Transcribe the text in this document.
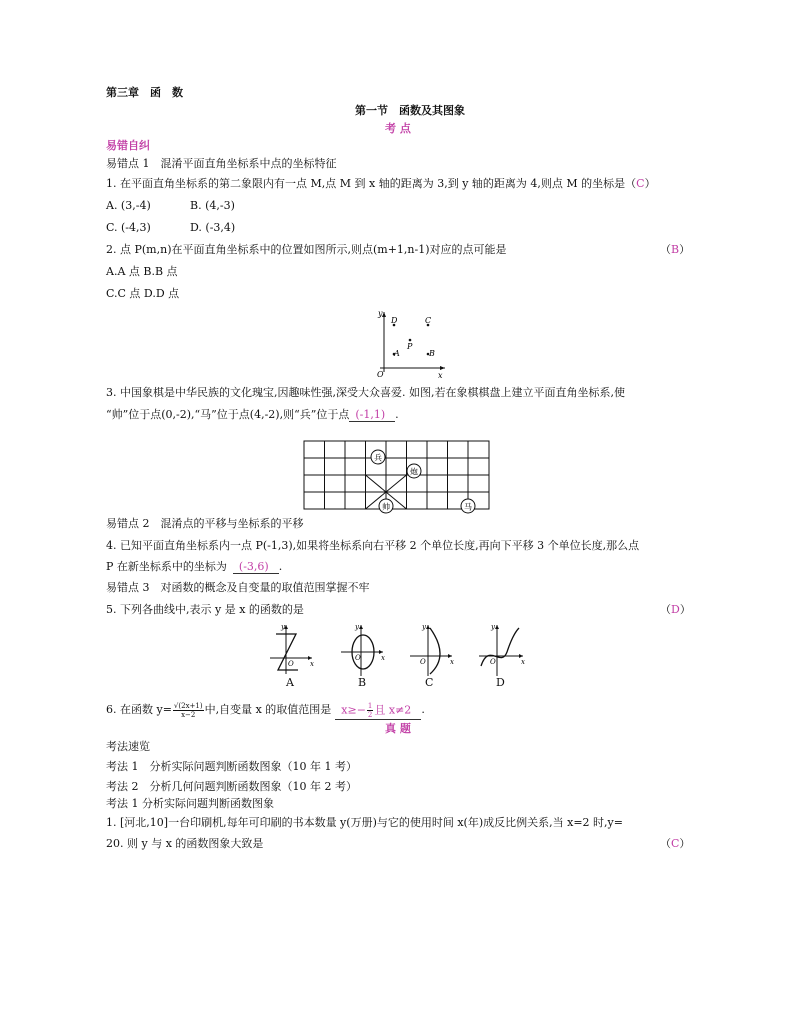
第三章　函　数
第一节　函数及其图象
考 点
易错自纠
易错点 1　混淆平面直角坐标系中点的坐标特征
1. 在平面直角坐标系的第二象限内有一点 M,点 M 到 x 轴的距离为 3,到 y 轴的距离为 4,则点 M 的坐标是（C）
A. (3,-4)	B. (4,-3)
C. (-4,3)	D. (-3,4)
2. 点 P(m,n)在平面直角坐标系中的位置如图所示,则点(m+1,n-1)对应的点可能是	（B）
A.A 点 B.B 点
C.C 点 D.D 点
y
x
O
D	C
P
A	B
3. 中国象棋是中华民族的文化瑰宝,因趣味性强,深受大众喜爱. 如图,若在象棋棋盘上建立平面直角坐标系,使
“帅”位于点(0,-2),“马”位于点(4,-2),则“兵”位于点 (-1,1) .
兵
炮
帅	马
易错点 2　混淆点的平移与坐标系的平移
4. 已知平面直角坐标系内一点 P(-1,3),如果将坐标系向右平移 2 个单位长度,再向下平移 3 个单位长度,那么点
P 在新坐标系中的坐标为 (-3,6) .
易错点 3　对函数的概念及自变量的取值范围掌握不牢
5. 下列各曲线中,表示 y 是 x 的函数的是	（D）
y
x
O
A
y
x
O
B
y
x
O
C
y
x
O
D
6. 在函数 $y= \frac{√(2x+1)}{x-2}$ 中,自变量 x 的取值范围是 $x\ge- \frac{1}{2}$ 且 x≠2 .
真 题
考法速览
考法 1　分析实际问题判断函数图象（10 年 1 考）
考法 2　分析几何问题判断函数图象（10 年 2 考）
考法 1 分析实际问题判断函数图象
1. [河北,10]一台印刷机,每年可印刷的书本数量 y(万册)与它的使用时间 x(年)成反比例关系,当 x=2 时,y=
20. 则 y 与 x 的函数图象大致是	（C）
